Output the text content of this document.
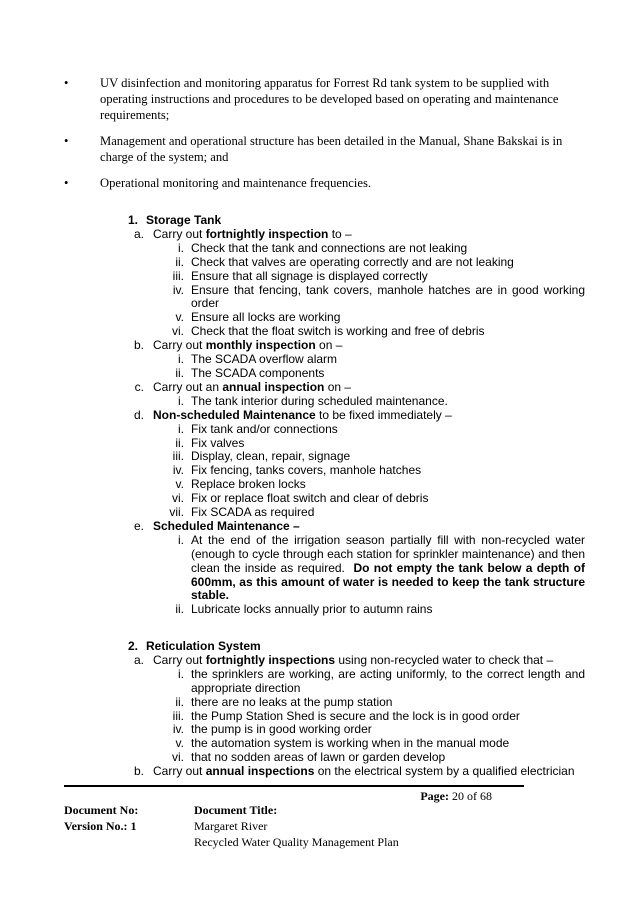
•	UV disinfection and monitoring apparatus for Forrest Rd tank system to be supplied with operating instructions and procedures to be developed based on operating and maintenance requirements;
•	Management and operational structure has been detailed in the Manual, Shane Bakskai is in charge of the system; and
•	Operational monitoring and maintenance frequencies.
1. Storage Tank
a. Carry out fortnightly inspection to –
i. Check that the tank and connections are not leaking
ii. Check that valves are operating correctly and are not leaking
iii. Ensure that all signage is displayed correctly
iv. Ensure that fencing, tank covers, manhole hatches are in good working order
v. Ensure all locks are working
vi. Check that the float switch is working and free of debris
b. Carry out monthly inspection on –
i. The SCADA overflow alarm
ii. The SCADA components
c. Carry out an annual inspection on –
i. The tank interior during scheduled maintenance.
d. Non-scheduled Maintenance to be fixed immediately –
i. Fix tank and/or connections
ii. Fix valves
iii. Display, clean, repair, signage
iv. Fix fencing, tanks covers, manhole hatches
v. Replace broken locks
vi. Fix or replace float switch and clear of debris
vii. Fix SCADA as required
e. Scheduled Maintenance –
i. At the end of the irrigation season partially fill with non-recycled water (enough to cycle through each station for sprinkler maintenance) and then clean the inside as required. Do not empty the tank below a depth of 600mm, as this amount of water is needed to keep the tank structure stable.
ii. Lubricate locks annually prior to autumn rains
2. Reticulation System
a. Carry out fortnightly inspections using non-recycled water to check that –
i. the sprinklers are working, are acting uniformly, to the correct length and appropriate direction
ii. there are no leaks at the pump station
iii. the Pump Station Shed is secure and the lock is in good order
iv. the pump is in good working order
v. the automation system is working when in the manual mode
vi. that no sodden areas of lawn or garden develop
b. Carry out annual inspections on the electrical system by a qualified electrician
Page: 20 of 68
Document No:
Version No.: 1
Document Title:
Margaret River
Recycled Water Quality Management Plan
